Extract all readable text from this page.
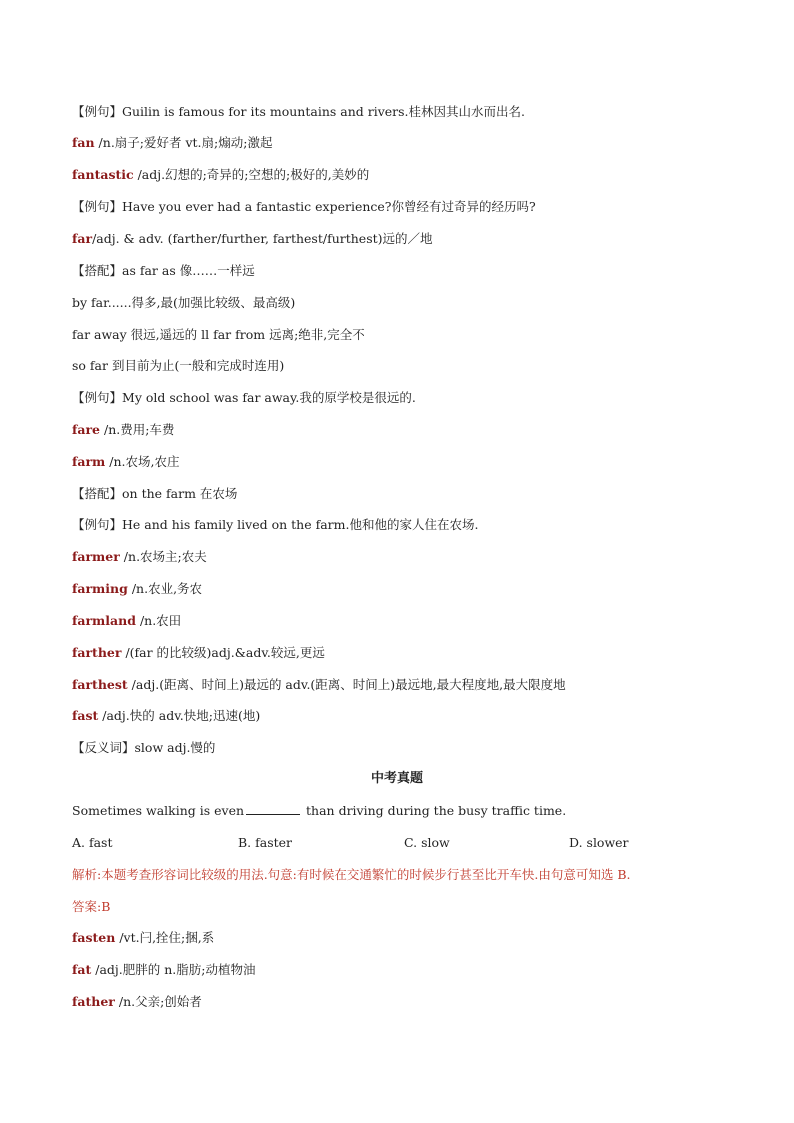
【例句】Guilin is famous for its mountains and rivers.桂林因其山水而出名.
fan /n.扇子;爱好者 vt.扇;煽动;激起
fantastic /adj.幻想的;奇异的;空想的;极好的,美妙的
【例句】Have you ever had a fantastic experience?你曾经有过奇异的经历吗?
far/adj. & adv. (farther/further, farthest/furthest)远的／地
【搭配】as far as 像……一样远
by far......得多,最(加强比较级、最高级)
far away 很远,遥远的 ll far from 远离;绝非,完全不
so far 到目前为止(一般和完成时连用)
【例句】My old school was far away.我的原学校是很远的.
fare /n.费用;车费
farm /n.农场,农庄
【搭配】on the farm 在农场
【例句】He and his family lived on the farm.他和他的家人住在农场.
farmer /n.农场主;农夫
farming /n.农业,务农
farmland /n.农田
farther /(far 的比较级)adj.&adv.较远,更远
farthest /adj.(距离、时间上)最远的 adv.(距离、时间上)最远地,最大程度地,最大限度地
fast /adj.快的 adv.快地;迅速(地)
【反义词】slow adj.慢的
中考真题
Sometimes walking is even	than driving during the busy traffic time.
A. fast	B. faster	C. slow	D. slower
解析:本题考查形容词比较级的用法.句意:有时候在交通繁忙的时候步行甚至比开车快.由句意可知选 B.
答案:B
fasten /vt.闩,拴住;捆,系
fat /adj.肥胖的 n.脂肪;动植物油
father /n.父亲;创始者
